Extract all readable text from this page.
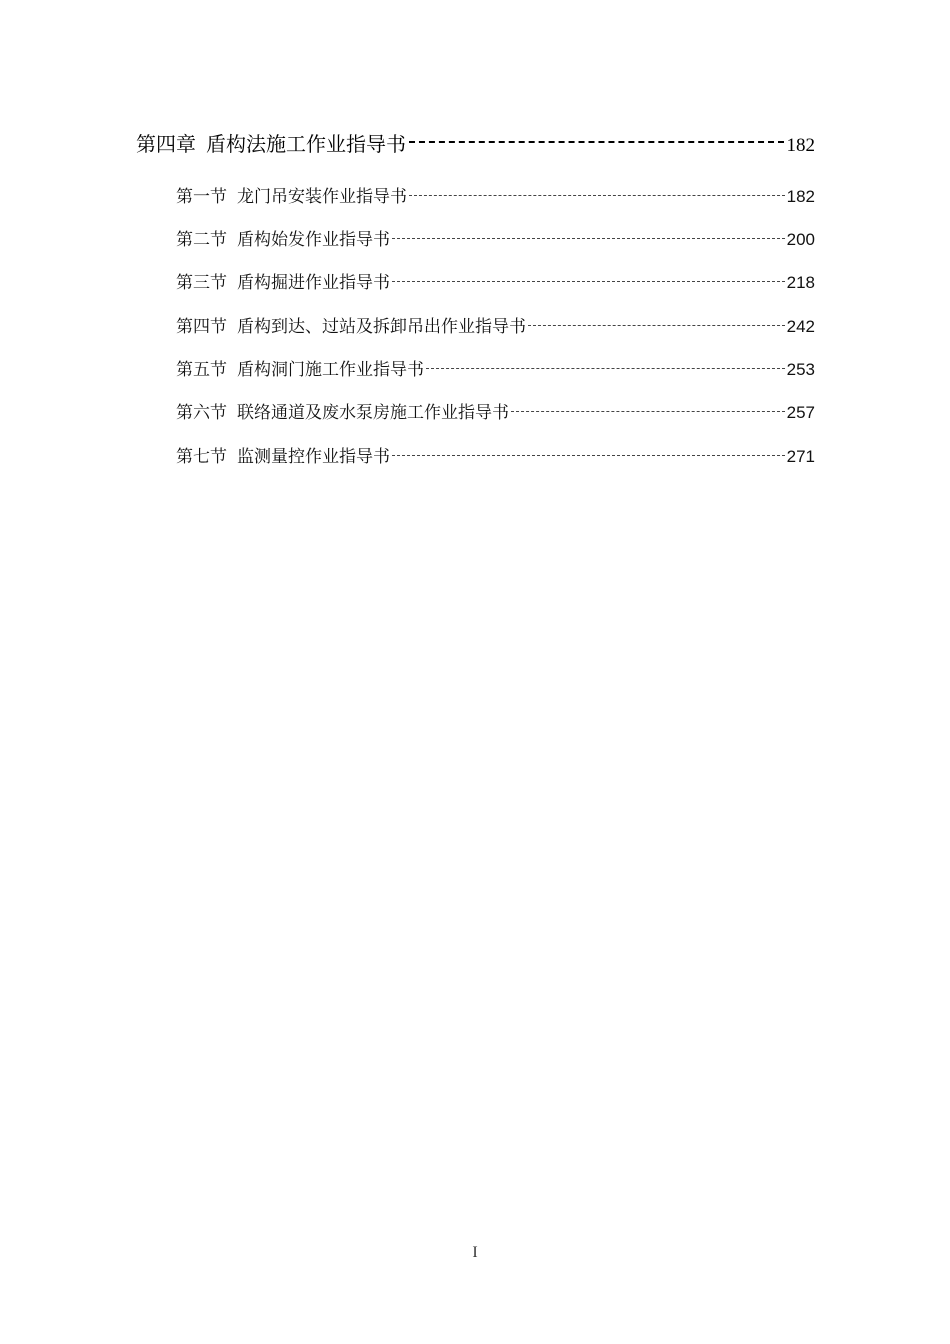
第四章 盾构法施工作业指导书	182
第一节 龙门吊安装作业指导书	182
第二节 盾构始发作业指导书	200
第三节 盾构掘进作业指导书	218
第四节 盾构到达、过站及拆卸吊出作业指导书	242
第五节 盾构洞门施工作业指导书	253
第六节 联络通道及废水泵房施工作业指导书	257
第七节 监测量控作业指导书	271
I
